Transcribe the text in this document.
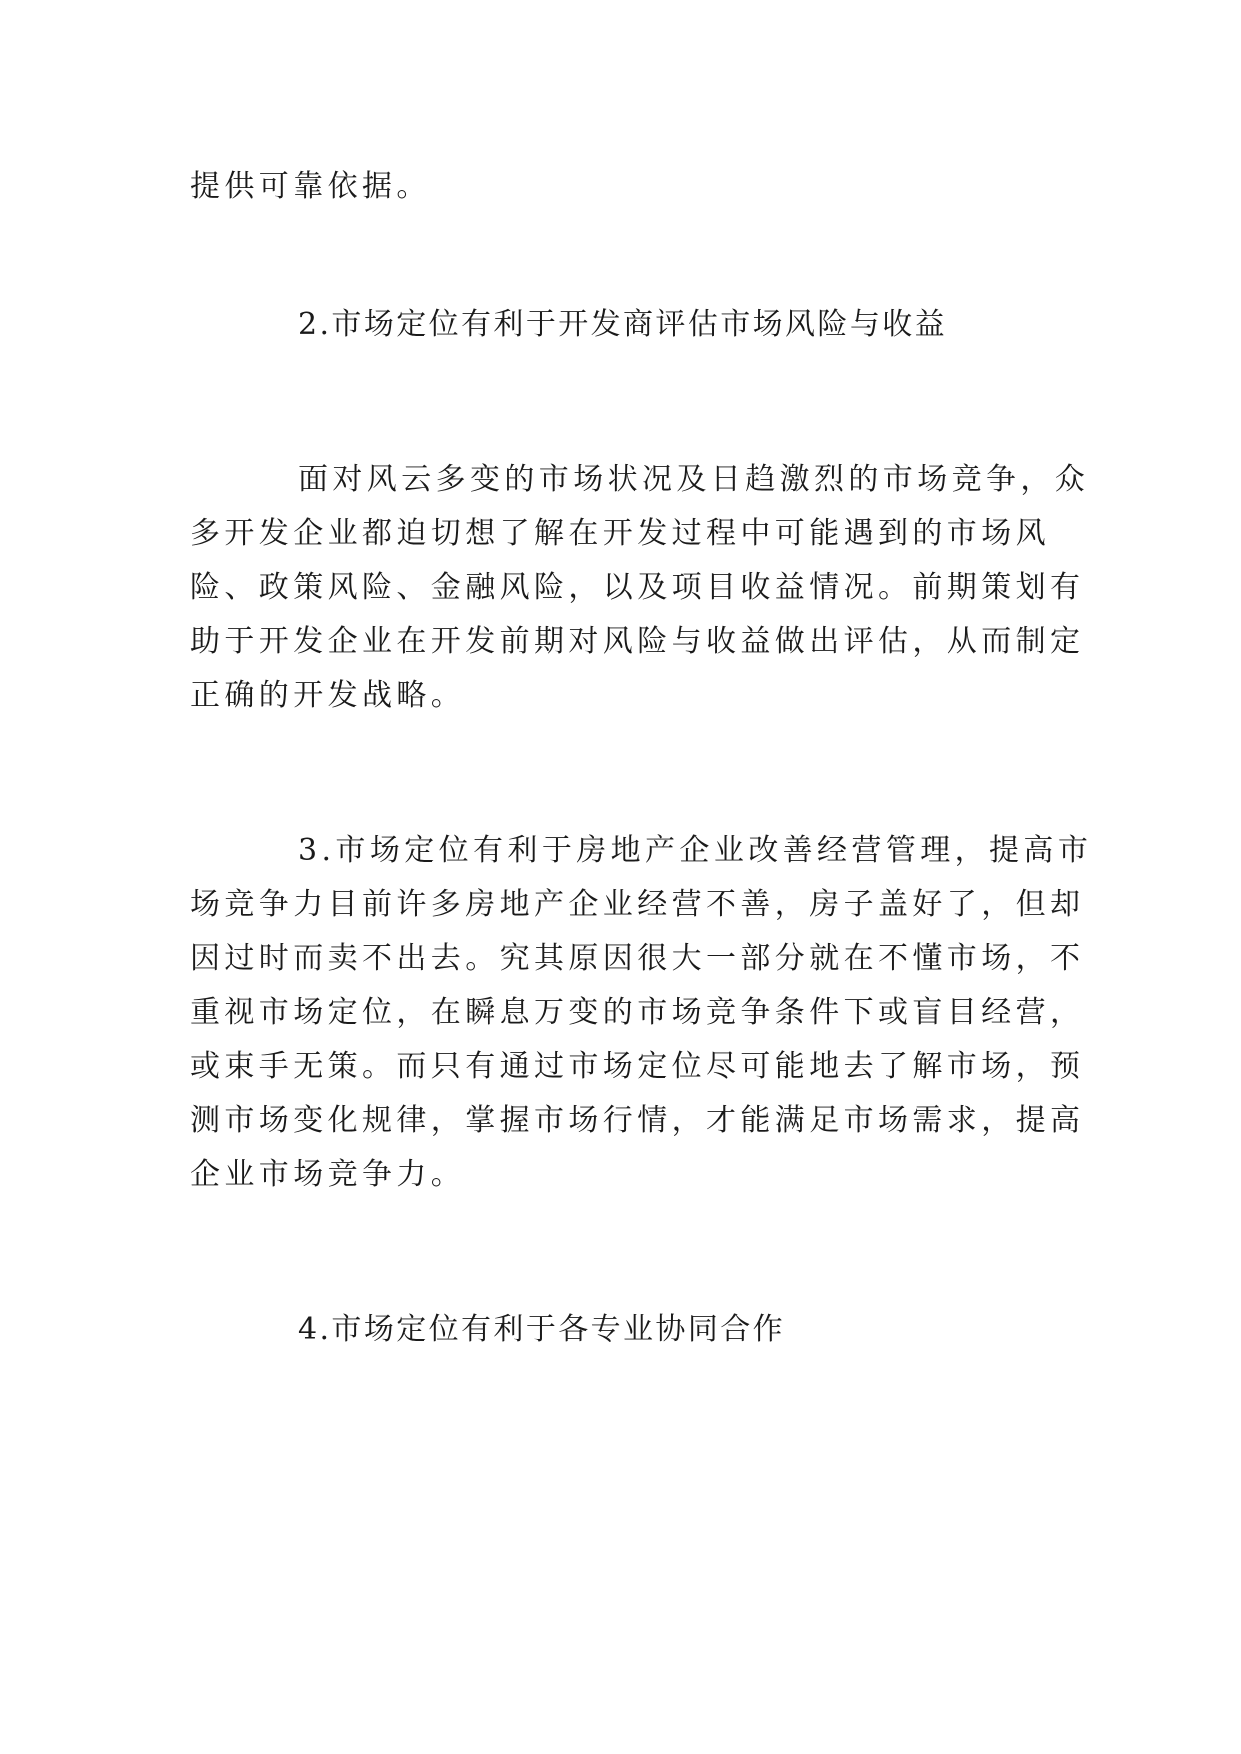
提供可靠依据。
2.市场定位有利于开发商评估市场风险与收益
面对风云多变的市场状况及日趋激烈的市场竞争，众
多开发企业都迫切想了解在开发过程中可能遇到的市场风
险、政策风险、金融风险，以及项目收益情况。前期策划有
助于开发企业在开发前期对风险与收益做出评估，从而制定
正确的开发战略。
3.市场定位有利于房地产企业改善经营管理，提高市
场竞争力目前许多房地产企业经营不善，房子盖好了，但却
因过时而卖不出去。究其原因很大一部分就在不懂市场，不
重视市场定位，在瞬息万变的市场竞争条件下或盲目经营，
或束手无策。而只有通过市场定位尽可能地去了解市场，预
测市场变化规律，掌握市场行情，才能满足市场需求，提高
企业市场竞争力。
4.市场定位有利于各专业协同合作
